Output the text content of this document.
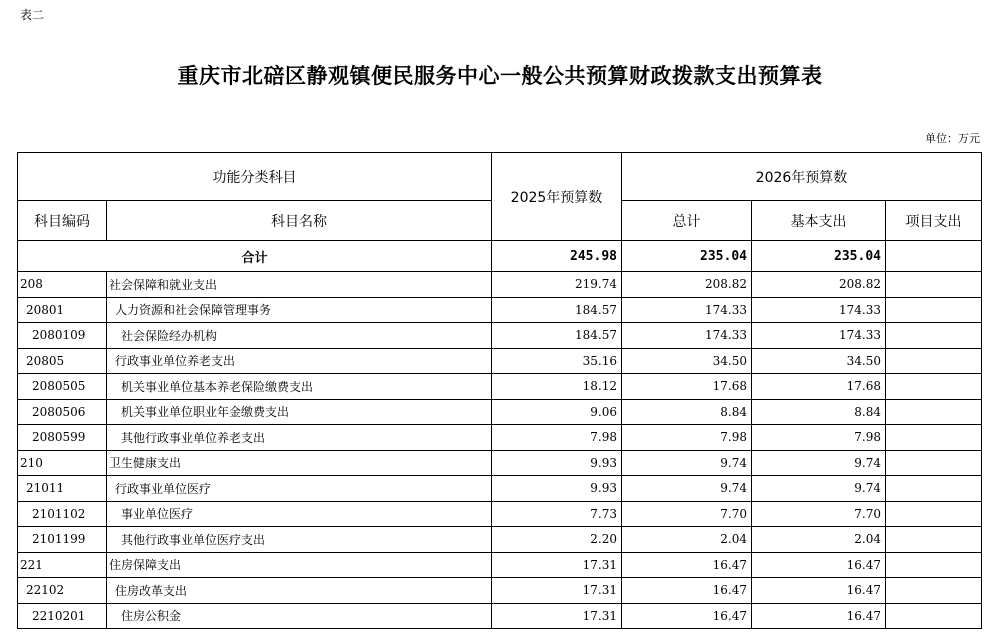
表二
重庆市北碚区静观镇便民服务中心一般公共预算财政拨款支出预算表
单位：万元
功能分类科目		2025年预算数	2026年预算数		
科目编码	科目名称		总计	基本支出	项目支出
合计		245.98	235.04	235.04	
208	社会保障和就业支出	219.74	208.82	208.82	
20801	人力资源和社会保障管理事务	184.57	174.33	174.33	
2080109	社会保险经办机构	184.57	174.33	174.33	
20805	行政事业单位养老支出	35.16	34.50	34.50	
2080505	机关事业单位基本养老保险缴费支出	18.12	17.68	17.68	
2080506	机关事业单位职业年金缴费支出	9.06	8.84	8.84	
2080599	其他行政事业单位养老支出	7.98	7.98	7.98	
210	卫生健康支出	9.93	9.74	9.74	
21011	行政事业单位医疗	9.93	9.74	9.74	
2101102	事业单位医疗	7.73	7.70	7.70	
2101199	其他行政事业单位医疗支出	2.20	2.04	2.04	
221	住房保障支出	17.31	16.47	16.47	
22102	住房改革支出	17.31	16.47	16.47	
2210201	住房公积金	17.31	16.47	16.47	
